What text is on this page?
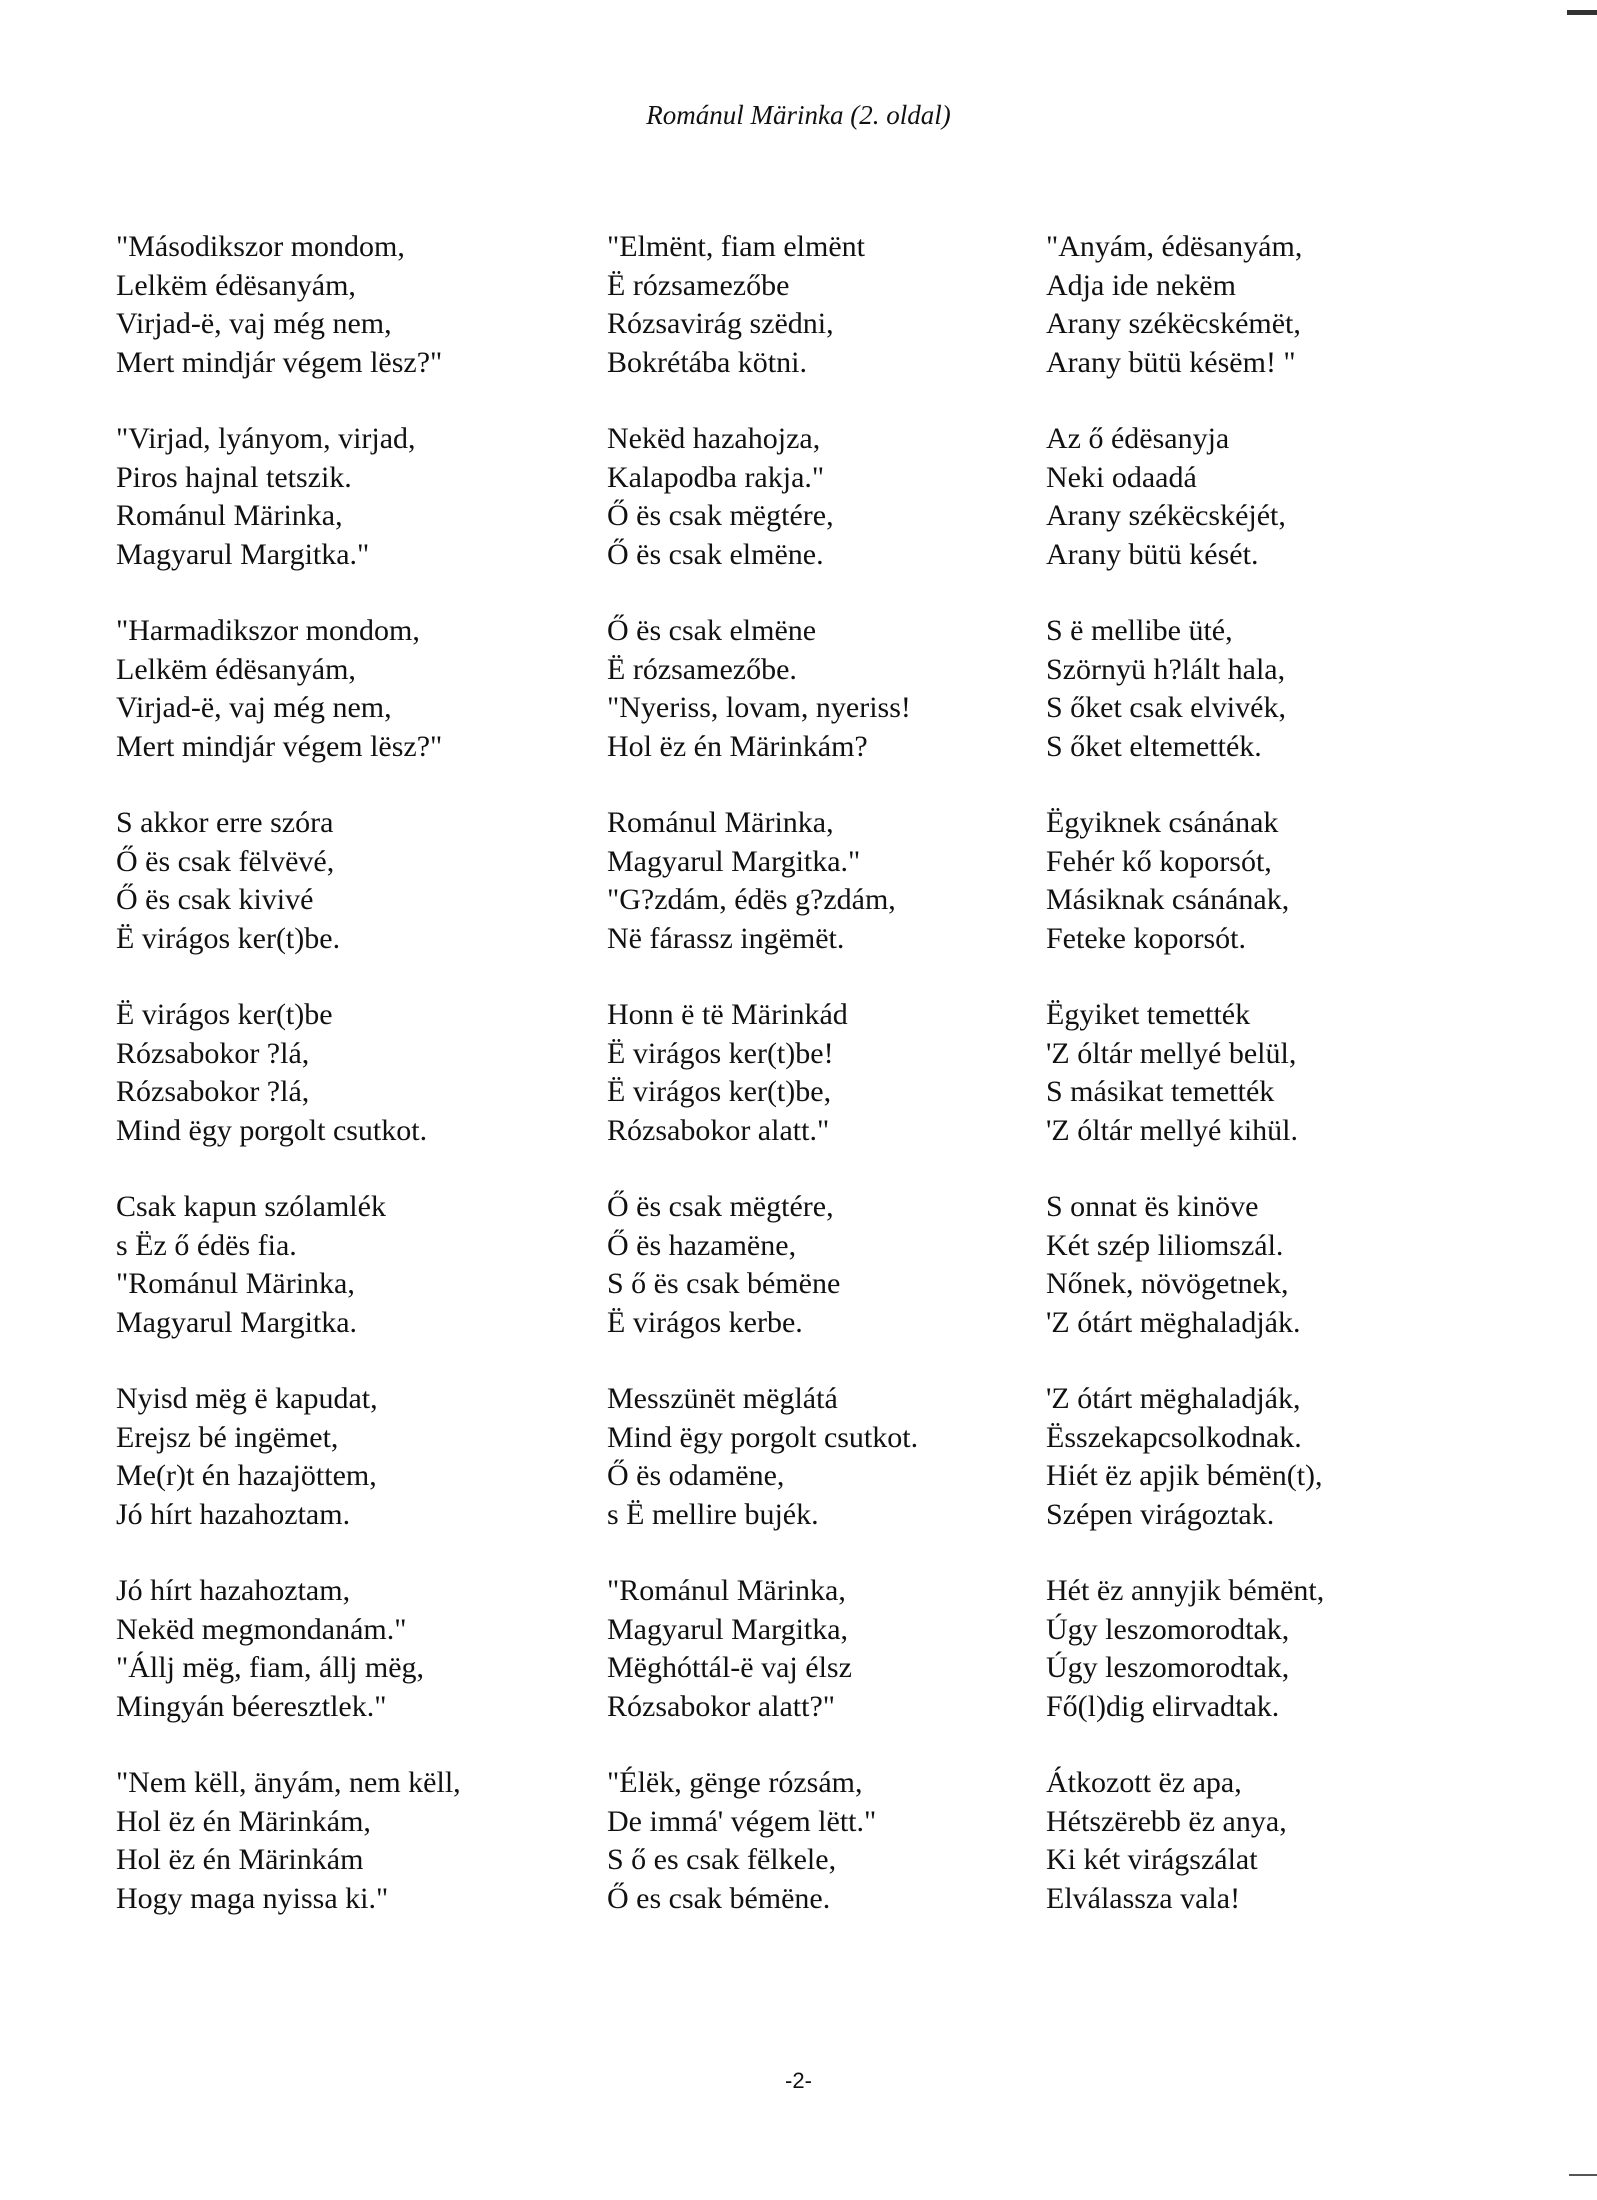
Románul Märinka (2. oldal)
"Másodikszor mondom,
Lelkëm édësanyám,
Virjad-ë, vaj még nem,
Mert mindjár végem lësz?"
"Virjad, lyányom, virjad,
Piros hajnal tetszik.
Románul Märinka,
Magyarul Margitka."
"Harmadikszor mondom,
Lelkëm édësanyám,
Virjad-ë, vaj még nem,
Mert mindjár végem lësz?"
S akkor erre szóra
Ő ës csak fëlvëvé,
Ő ës csak kivivé
Ë virágos ker(t)be.
Ë virágos ker(t)be
Rózsabokor ?lá,
Rózsabokor ?lá,
Mind ëgy porgolt csutkot.
Csak kapun szólamlék
s Ëz ő édës fia.
"Románul Märinka,
Magyarul Margitka.
Nyisd mëg ë kapudat,
Erejsz bé ingëmet,
Me(r)t én hazajöttem,
Jó hírt hazahoztam.
Jó hírt hazahoztam,
Nekëd megmondanám."
"Állj mëg, fiam, állj mëg,
Mingyán béeresztlek."
"Nem këll, änyám, nem këll,
Hol ëz én Märinkám,
Hol ëz én Märinkám
Hogy maga nyissa ki."
"Elmënt, fiam elmënt
Ë rózsamezőbe
Rózsavirág szëdni,
Bokrétába kötni.
Nekëd hazahojza,
Kalapodba rakja."
Ő ës csak mëgtére,
Ő ës csak elmëne.
Ő ës csak elmëne
Ë rózsamezőbe.
"Nyeriss, lovam, nyeriss!
Hol ëz én Märinkám?
Románul Märinka,
Magyarul Margitka."
"G?zdám, édës g?zdám,
Në fárassz ingëmët.
Honn ë të Märinkád
Ë virágos ker(t)be!
Ë virágos ker(t)be,
Rózsabokor alatt."
Ő ës csak mëgtére,
Ő ës hazamëne,
S ő ës csak bémëne
Ë virágos kerbe.
Messzünët mëglátá
Mind ëgy porgolt csutkot.
Ő ës odamëne,
s Ë mellire bujék.
"Románul Märinka,
Magyarul Margitka,
Mëghóttál-ë vaj élsz
Rózsabokor alatt?"
"Élëk, gënge rózsám,
De immá' végem lëtt."
S ő es csak fëlkele,
Ő es csak bémëne.
"Anyám, édësanyám,
Adja ide nekëm
Arany székëcskémët,
Arany bütü késëm! "
Az ő édësanyja
Neki odaadá
Arany székëcskéjét,
Arany bütü kését.
S ë mellibe üté,
Szörnyü h?lált hala,
S őket csak elvivék,
S őket eltemették.
Ëgyiknek csánának
Fehér kő koporsót,
Másiknak csánának,
Feteke koporsót.
Ëgyiket temették
'Z óltár mellyé belül,
S másikat temették
'Z óltár mellyé kihül.
S onnat ës kinöve
Két szép liliomszál.
Nőnek, növögetnek,
'Z ótárt mëghaladják.
'Z ótárt mëghaladják,
Ësszekapcsolkodnak.
Hiét ëz apjik bémën(t),
Szépen virágoztak.
Hét ëz annyjik bémënt,
Úgy leszomorodtak,
Úgy leszomorodtak,
Fő(l)dig elirvadtak.
Átkozott ëz apa,
Hétszërebb ëz anya,
Ki két virágszálat
Elválassza vala!
-2-
